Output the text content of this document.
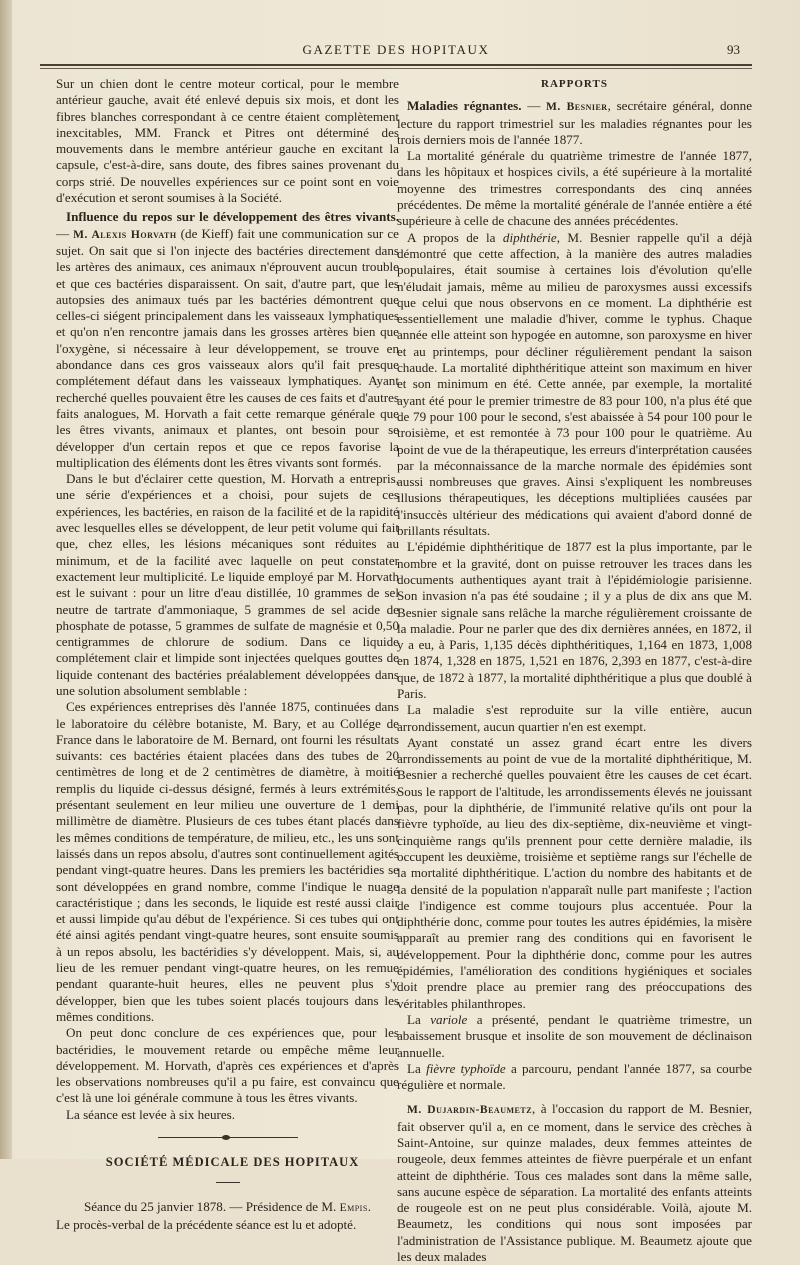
GAZETTE DES HOPITAUX	93

Sur un chien dont le centre moteur cortical, pour le membre antérieur gauche, avait été enlevé depuis six mois, et dont les fibres blanches correspondant à ce centre étaient complètement inexcitables, MM. Franck et Pitres ont déterminé des mouvements dans le membre antérieur gauche en excitant la capsule, c'est-à-dire, sans doute, des fibres saines provenant du corps strié. De nouvelles expériences sur ce point sont en voie d'exécution et seront soumises à la Société.

Influence du repos sur le développement des êtres vivants. — M. Alexis Horvath (de Kieff) fait une communication sur ce sujet. On sait que si l'on injecte des bactéries directement dans les artères des animaux, ces animaux n'éprouvent aucun trouble et que ces bactéries disparaissent. On sait, d'autre part, que les autopsies des animaux tués par les bactéries démontrent que celles-ci siégent principalement dans les vaisseaux lymphatiques et qu'on n'en rencontre jamais dans les grosses artères bien que l'oxygène, si nécessaire à leur développement, se trouve en abondance dans ces gros vaisseaux alors qu'il fait presque complétement défaut dans les vaisseaux lymphatiques. Ayant recherché quelles pouvaient être les causes de ces faits et d'autres faits analogues, M. Horvath a fait cette remarque générale que les êtres vivants, animaux et plantes, ont besoin pour se développer d'un certain repos et que ce repos favorise la multiplication des éléments dont les êtres vivants sont formés.

Dans le but d'éclairer cette question, M. Horvath a entrepris, une série d'expériences et a choisi, pour sujets de ces expériences, les bactéries, en raison de la facilité et de la rapidité avec lesquelles elles se développent, de leur petit volume qui fait que, chez elles, les lésions mécaniques sont réduites au minimum, et de la facilité avec laquelle on peut constater exactement leur multiplicité. Le liquide employé par M. Horvath est le suivant : pour un litre d'eau distillée, 10 grammes de sel neutre de tartrate d'ammoniaque, 5 grammes de sel acide de phosphate de potasse, 5 grammes de sulfate de magnésie et 0,50 centigrammes de chlorure de sodium. Dans ce liquide complétement clair et limpide sont injectées quelques gouttes de liquide contenant des bactéries préalablement développées dans une solution absolument semblable :

Ces expériences entreprises dès l'année 1875, continuées dans le laboratoire du célèbre botaniste, M. Bary, et au Collége de France dans le laboratoire de M. Bernard, ont fourni les résultats suivants: ces bactéries étaient placées dans des tubes de 20 centimètres de long et de 2 centimètres de diamètre, à moitié remplis du liquide ci-dessus désigné, fermés à leurs extrémités, présentant seulement en leur milieu une ouverture de 1 demi millimètre de diamètre. Plusieurs de ces tubes étant placés dans les mêmes conditions de température, de milieu, etc., les uns sont laissés dans un repos absolu, d'autres sont continuellement agités pendant vingt-quatre heures. Dans les premiers les bactéridies se sont développées en grand nombre, comme l'indique le nuage caractéristique ; dans les seconds, le liquide est resté aussi clair et aussi limpide qu'au début de l'expérience. Si ces tubes qui ont été ainsi agités pendant vingt-quatre heures, sont ensuite soumis à un repos absolu, les bactéridies s'y développent. Mais, si, au lieu de les remuer pendant vingt-quatre heures, on les remue pendant quarante-huit heures, elles ne peuvent plus s'y développer, bien que les tubes soient placés toujours dans les mêmes conditions.

On peut donc conclure de ces expériences que, pour les bactéridies, le mouvement retarde ou empêche même leur développement. M. Horvath, d'après ces expériences et d'après les observations nombreuses qu'il a pu faire, est convaincu que c'est là une loi générale commune à tous les êtres vivants.

La séance est levée à six heures.

SOCIÉTÉ MÉDICALE DES HOPITAUX

Séance du 25 janvier 1878. — Présidence de M. Empis.

Le procès-verbal de la précédente séance est lu et adopté.

RAPPORTS

Maladies régnantes. — M. Besnier, secrétaire général, donne lecture du rapport trimestriel sur les maladies régnantes pour les trois derniers mois de l'année 1877.

La mortalité générale du quatrième trimestre de l'année 1877, dans les hôpitaux et hospices civils, a été supérieure à la mortalité moyenne des trimestres correspondants des cinq années précédentes. De même la mortalité générale de l'année entière a été supérieure à celle de chacune des années précédentes.

A propos de la diphthérie, M. Besnier rappelle qu'il a déjà démontré que cette affection, à la manière des autres maladies populaires, était soumise à certaines lois d'évolution qu'elle n'éludait jamais, même au milieu de paroxysmes aussi excessifs que celui que nous observons en ce moment. La diphthérie est essentiellement une maladie d'hiver, comme le typhus. Chaque année elle atteint son hypogée en automne, son paroxysme en hiver et au printemps, pour décliner régulièrement pendant la saison chaude. La mortalité diphthéritique atteint son maximum en hiver et son minimum en été. Cette année, par exemple, la mortalité ayant été pour le premier trimestre de 83 pour 100, n'a plus été que de 79 pour 100 pour le second, s'est abaissée à 54 pour 100 pour le troisième, et est remontée à 73 pour 100 pour le quatrième. Au point de vue de la thérapeutique, les erreurs d'interprétation causées par la méconnaissance de la marche normale des épidémies sont aussi nombreuses que graves. Ainsi s'expliquent les nombreuses illusions thérapeutiques, les déceptions multipliées causées par l'insuccès ultérieur des médications qui avaient d'abord donné de brillants résultats.

L'épidémie diphthéritique de 1877 est la plus importante, par le nombre et la gravité, dont on puisse retrouver les traces dans les documents authentiques ayant trait à l'épidémiologie parisienne. Son invasion n'a pas été soudaine ; il y a plus de dix ans que M. Besnier signale sans relâche la marche régulièrement croissante de la maladie. Pour ne parler que des dix dernières années, en 1872, il y a eu, à Paris, 1,135 décès diphthéritiques, 1,164 en 1873, 1,008 en 1874, 1,328 en 1875, 1,521 en 1876, 2,393 en 1877, c'est-à-dire que, de 1872 à 1877, la mortalité diphthéritique a plus que doublé à Paris.

La maladie s'est reproduite sur la ville entière, aucun arrondissement, aucun quartier n'en est exempt.

Ayant constaté un assez grand écart entre les divers arrondissements au point de vue de la mortalité diphthéritique, M. Besnier a recherché quelles pouvaient être les causes de cet écart. Sous le rapport de l'altitude, les arrondissements élevés ne jouissant pas, pour la diphthérie, de l'immunité relative qu'ils ont pour la fièvre typhoïde, au lieu des dix-septième, dix-neuvième et vingt-cinquième rangs qu'ils prennent pour cette dernière maladie, ils occupent les deuxième, troisième et septième rangs sur l'échelle de la mortalité diphthéritique. L'action du nombre des habitants et de la densité de la population n'apparaît nulle part manifeste ; l'action de l'indigence est comme toujours plus accentuée. Pour la diphthérie donc, comme pour toutes les autres épidémies, la misère apparaît au premier rang des conditions qui en favorisent le développement. Pour la diphthérie donc, comme pour les autres épidémies, l'amélioration des conditions hygiéniques et sociales doit prendre place au premier rang des préoccupations des véritables philanthropes.

La variole a présenté, pendant le quatrième trimestre, un abaissement brusque et insolite de son mouvement de déclinaison annuelle.

La fièvre typhoïde a parcouru, pendant l'année 1877, sa courbe régulière et normale.

M. Dujardin-Beaumetz, à l'occasion du rapport de M. Besnier, fait observer qu'il a, en ce moment, dans le service des crèches à Saint-Antoine, sur quinze malades, deux femmes atteintes de rougeole, deux femmes atteintes de fièvre puerpérale et un enfant atteint de diphthérie. Tous ces malades sont dans la même salle, sans aucune espèce de séparation. La mortalité des enfants atteints de rougeole est on ne peut plus considérable. Voilà, ajoute M. Beaumetz, les conditions qui nous sont imposées par l'administration de l'Assistance publique. M. Beaumetz ajoute que les deux malades
